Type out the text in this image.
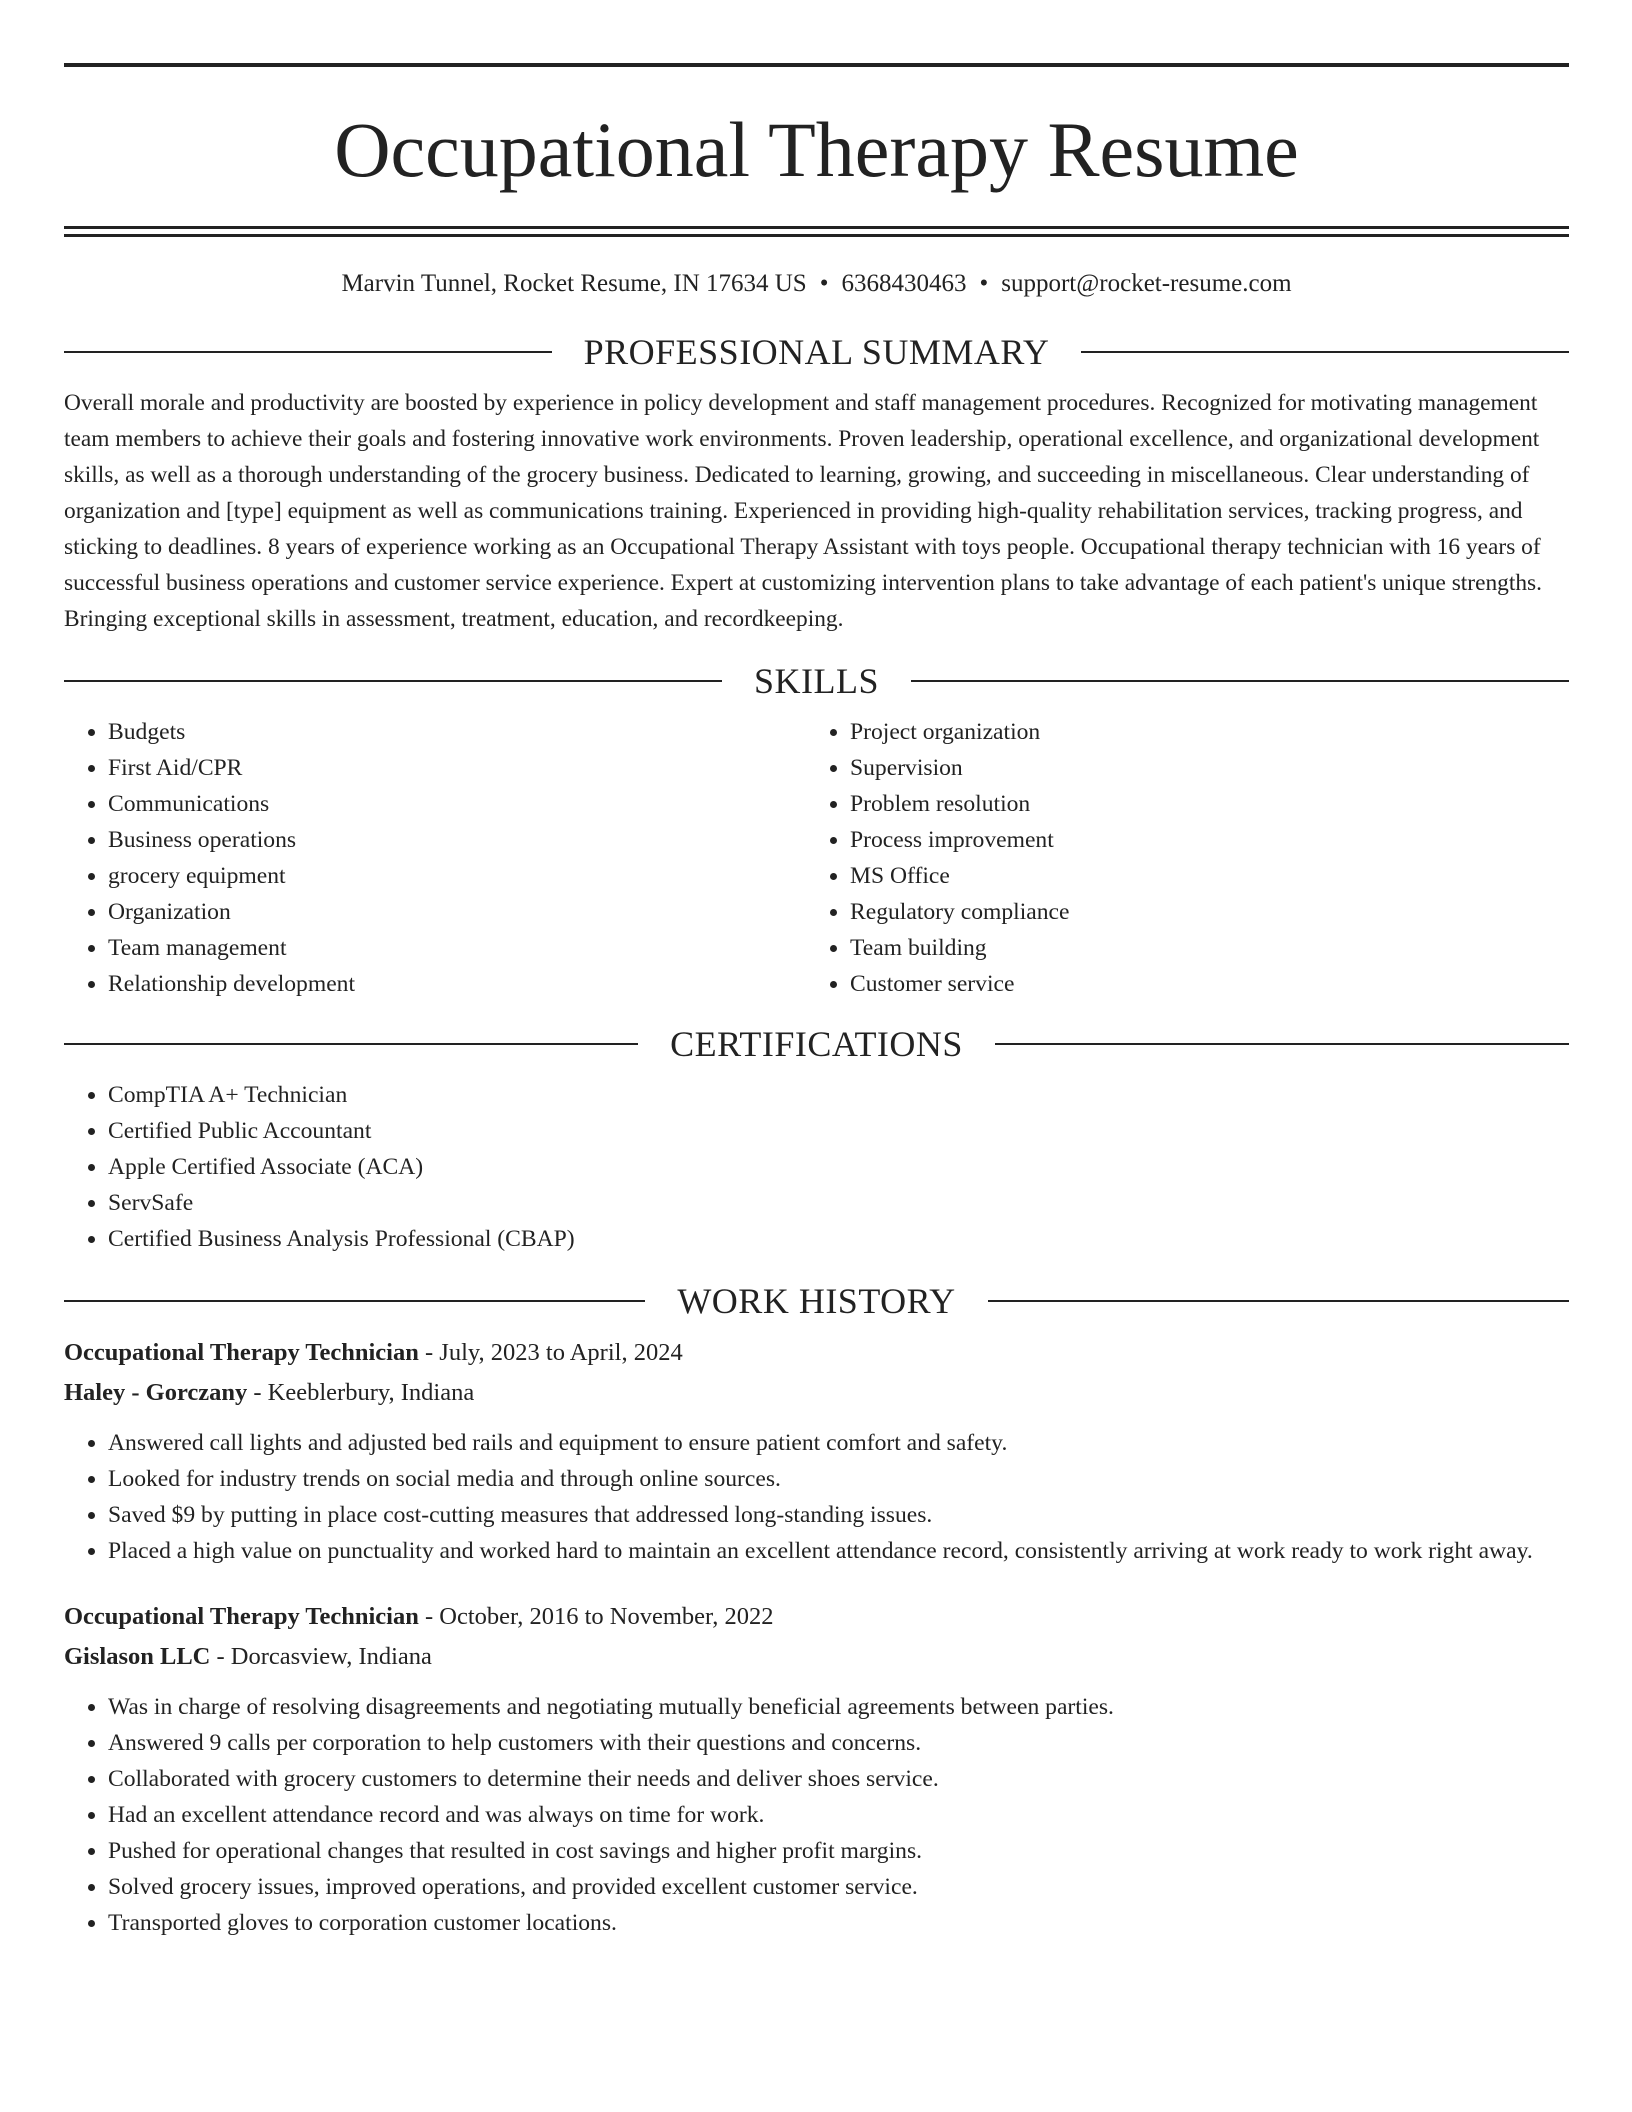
Occupational Therapy Resume
Marvin Tunnel, Rocket Resume, IN 17634 US • 6368430463 • support@rocket-resume.com
PROFESSIONAL SUMMARY

Overall morale and productivity are boosted by experience in policy development and staff management procedures. Recognized for motivating management team members to achieve their goals and fostering innovative work environments. Proven leadership, operational excellence, and organizational development skills, as well as a thorough understanding of the grocery business. Dedicated to learning, growing, and succeeding in miscellaneous. Clear understanding of organization and [type] equipment as well as communications training. Experienced in providing high-quality rehabilitation services, tracking progress, and sticking to deadlines. 8 years of experience working as an Occupational Therapy Assistant with toys people. Occupational therapy technician with 16 years of successful business operations and customer service experience. Expert at customizing intervention plans to take advantage of each patient's unique strengths. Bringing exceptional skills in assessment, treatment, education, and recordkeeping.

SKILLS
• Budgets
• First Aid/CPR
• Communications
• Business operations
• grocery equipment
• Organization
• Team management
• Relationship development
• Project organization
• Supervision
• Problem resolution
• Process improvement
• MS Office
• Regulatory compliance
• Team building
• Customer service
CERTIFICATIONS
• CompTIA A+ Technician
• Certified Public Accountant
• Apple Certified Associate (ACA)
• ServSafe
• Certified Business Analysis Professional (CBAP)
WORK HISTORY
Occupational Therapy Technician - July, 2023 to April, 2024
Haley - Gorczany - Keeblerbury, Indiana
• Answered call lights and adjusted bed rails and equipment to ensure patient comfort and safety.
• Looked for industry trends on social media and through online sources.
• Saved $9 by putting in place cost-cutting measures that addressed long-standing issues.
• Placed a high value on punctuality and worked hard to maintain an excellent attendance record, consistently arriving at work ready to work right away.
Occupational Therapy Technician - October, 2016 to November, 2022
Gislason LLC - Dorcasview, Indiana
• Was in charge of resolving disagreements and negotiating mutually beneficial agreements between parties.
• Answered 9 calls per corporation to help customers with their questions and concerns.
• Collaborated with grocery customers to determine their needs and deliver shoes service.
• Had an excellent attendance record and was always on time for work.
• Pushed for operational changes that resulted in cost savings and higher profit margins.
• Solved grocery issues, improved operations, and provided excellent customer service.
• Transported gloves to corporation customer locations.
